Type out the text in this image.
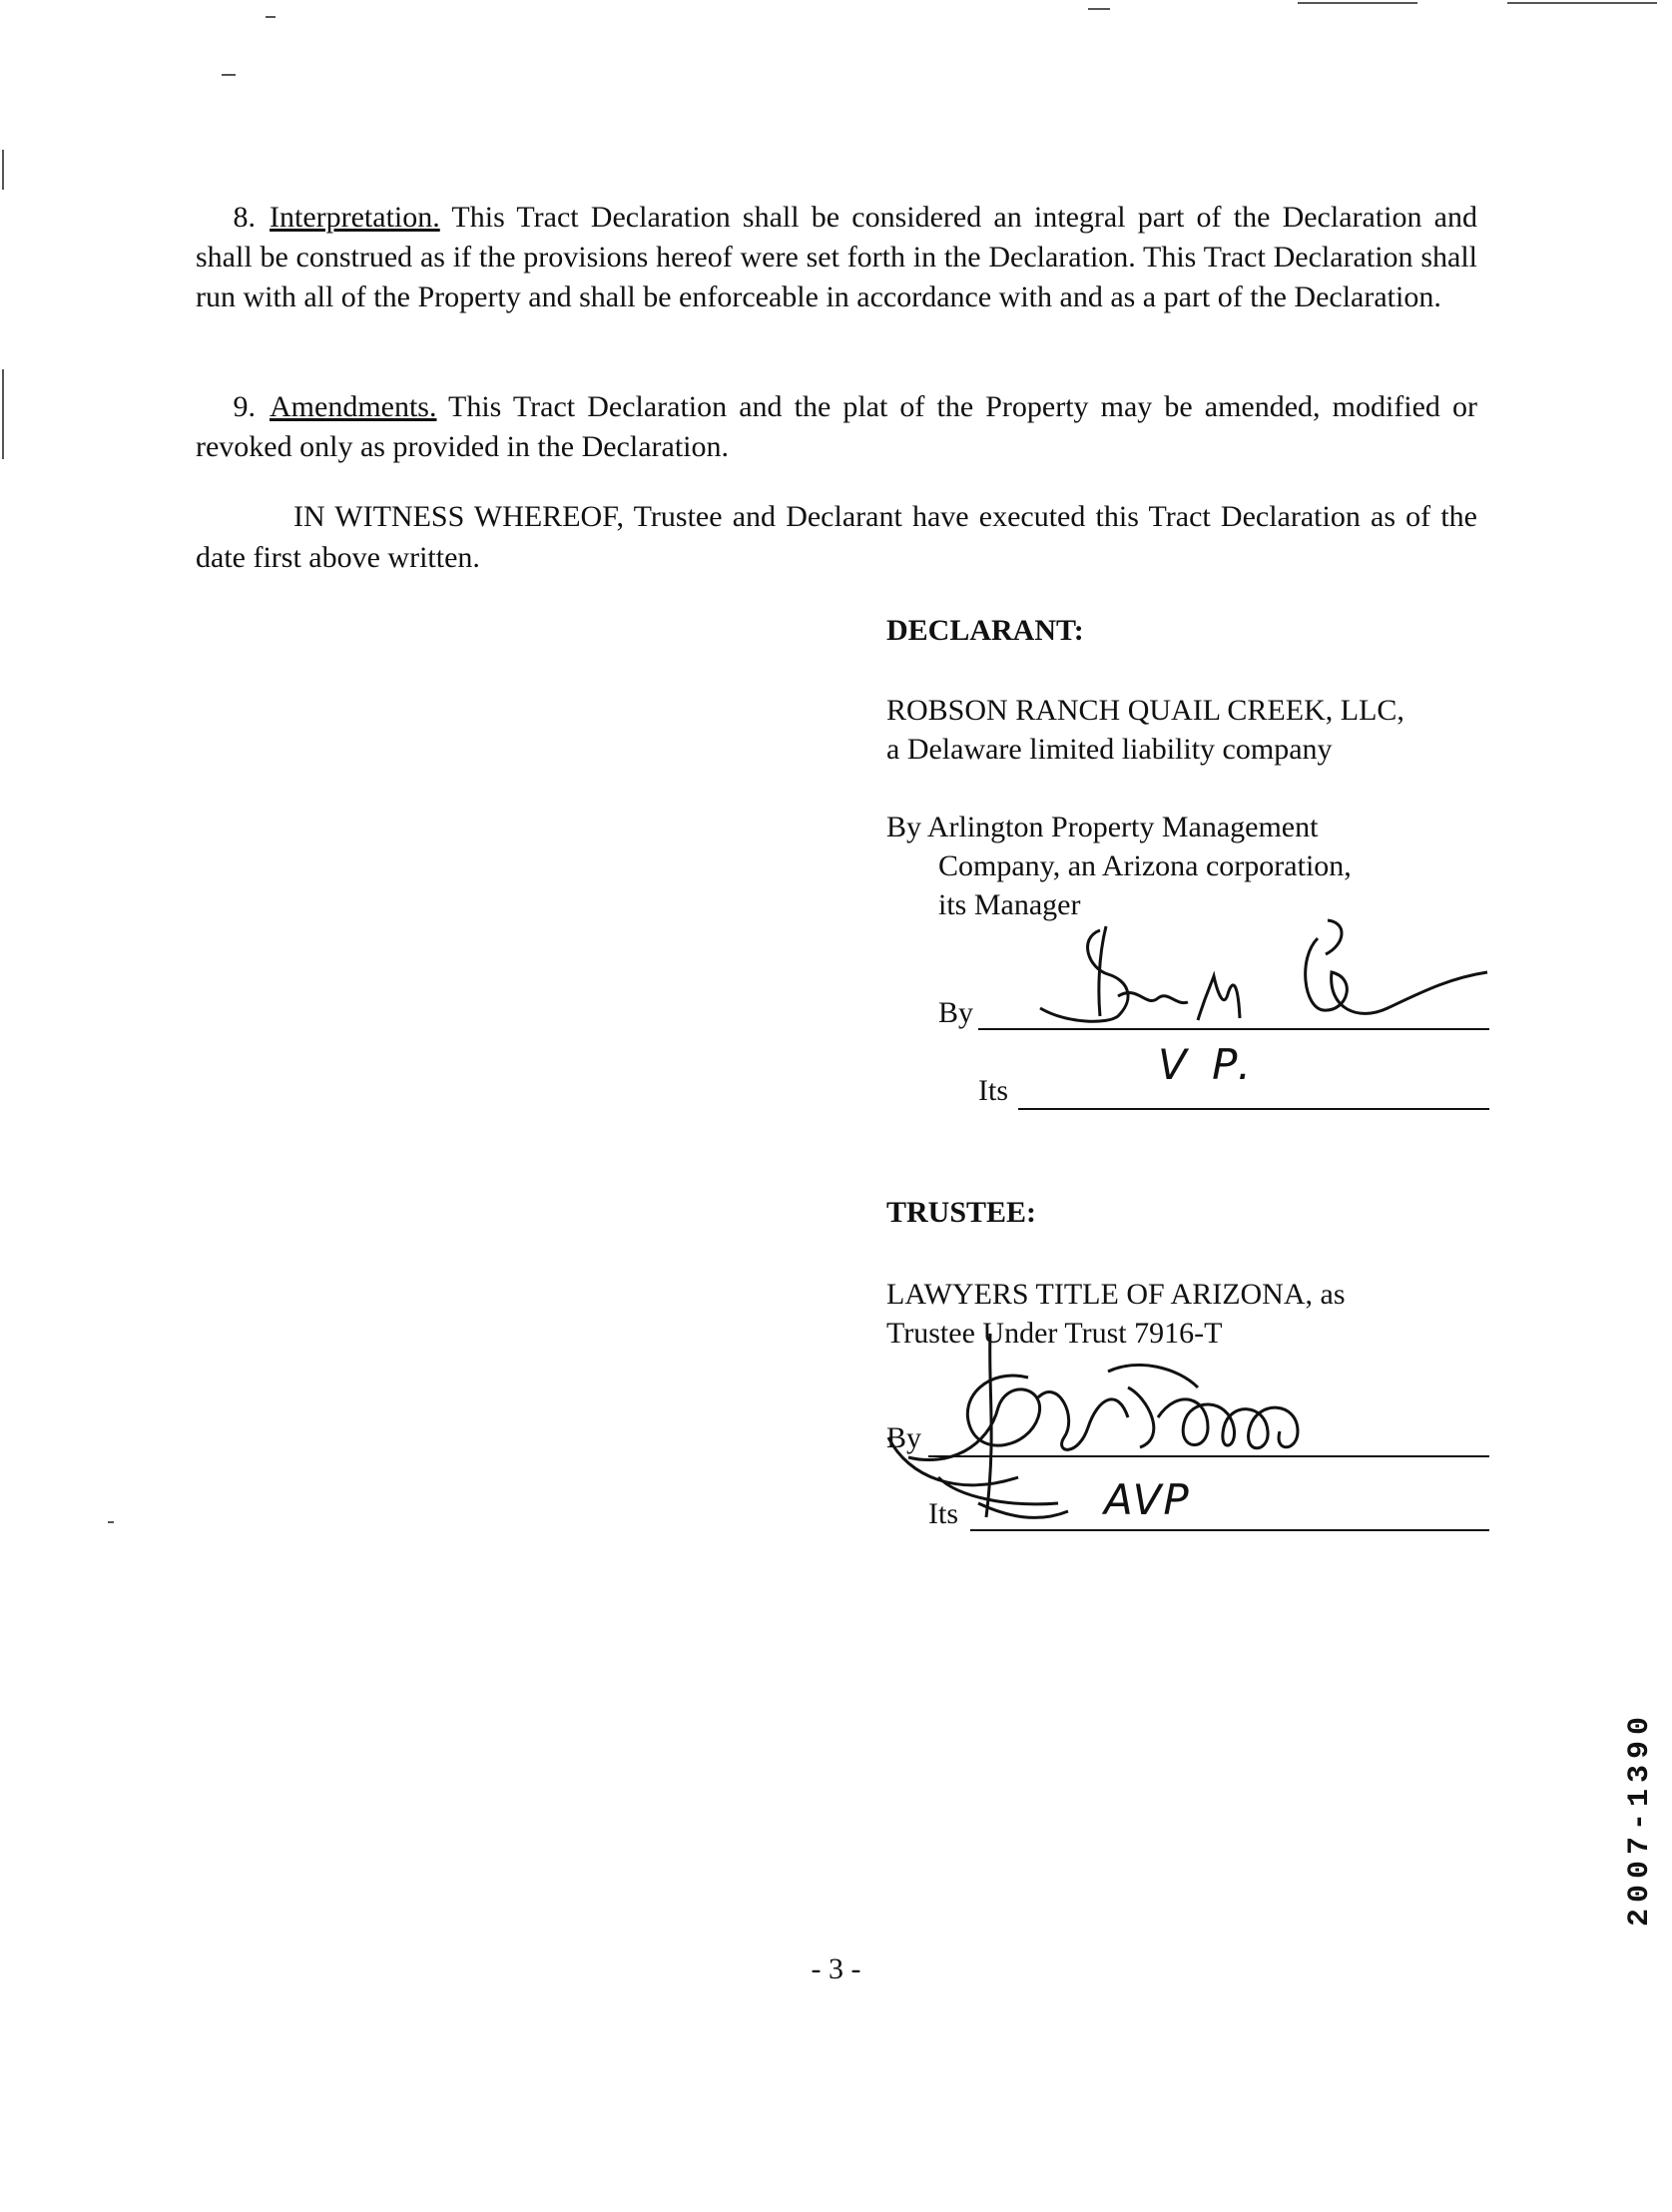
8. Interpretation. This Tract Declaration shall be considered an integral part of the Declaration and shall be construed as if the provisions hereof were set forth in the Declaration. This Tract Declaration shall run with all of the Property and shall be enforceable in accordance with and as a part of the Declaration.
9. Amendments. This Tract Declaration and the plat of the Property may be amended, modified or revoked only as provided in the Declaration.
IN WITNESS WHEREOF, Trustee and Declarant have executed this Tract Declaration as of the date first above written.
DECLARANT:
ROBSON RANCH QUAIL CREEK, LLC,
a Delaware limited liability company
By Arlington Property Management
Company, an Arizona corporation,
its Manager
By
Its
V P.
TRUSTEE:
LAWYERS TITLE OF ARIZONA, as
Trustee Under Trust 7916-T
By
Its	AVP
- 3 -
2007-1390
